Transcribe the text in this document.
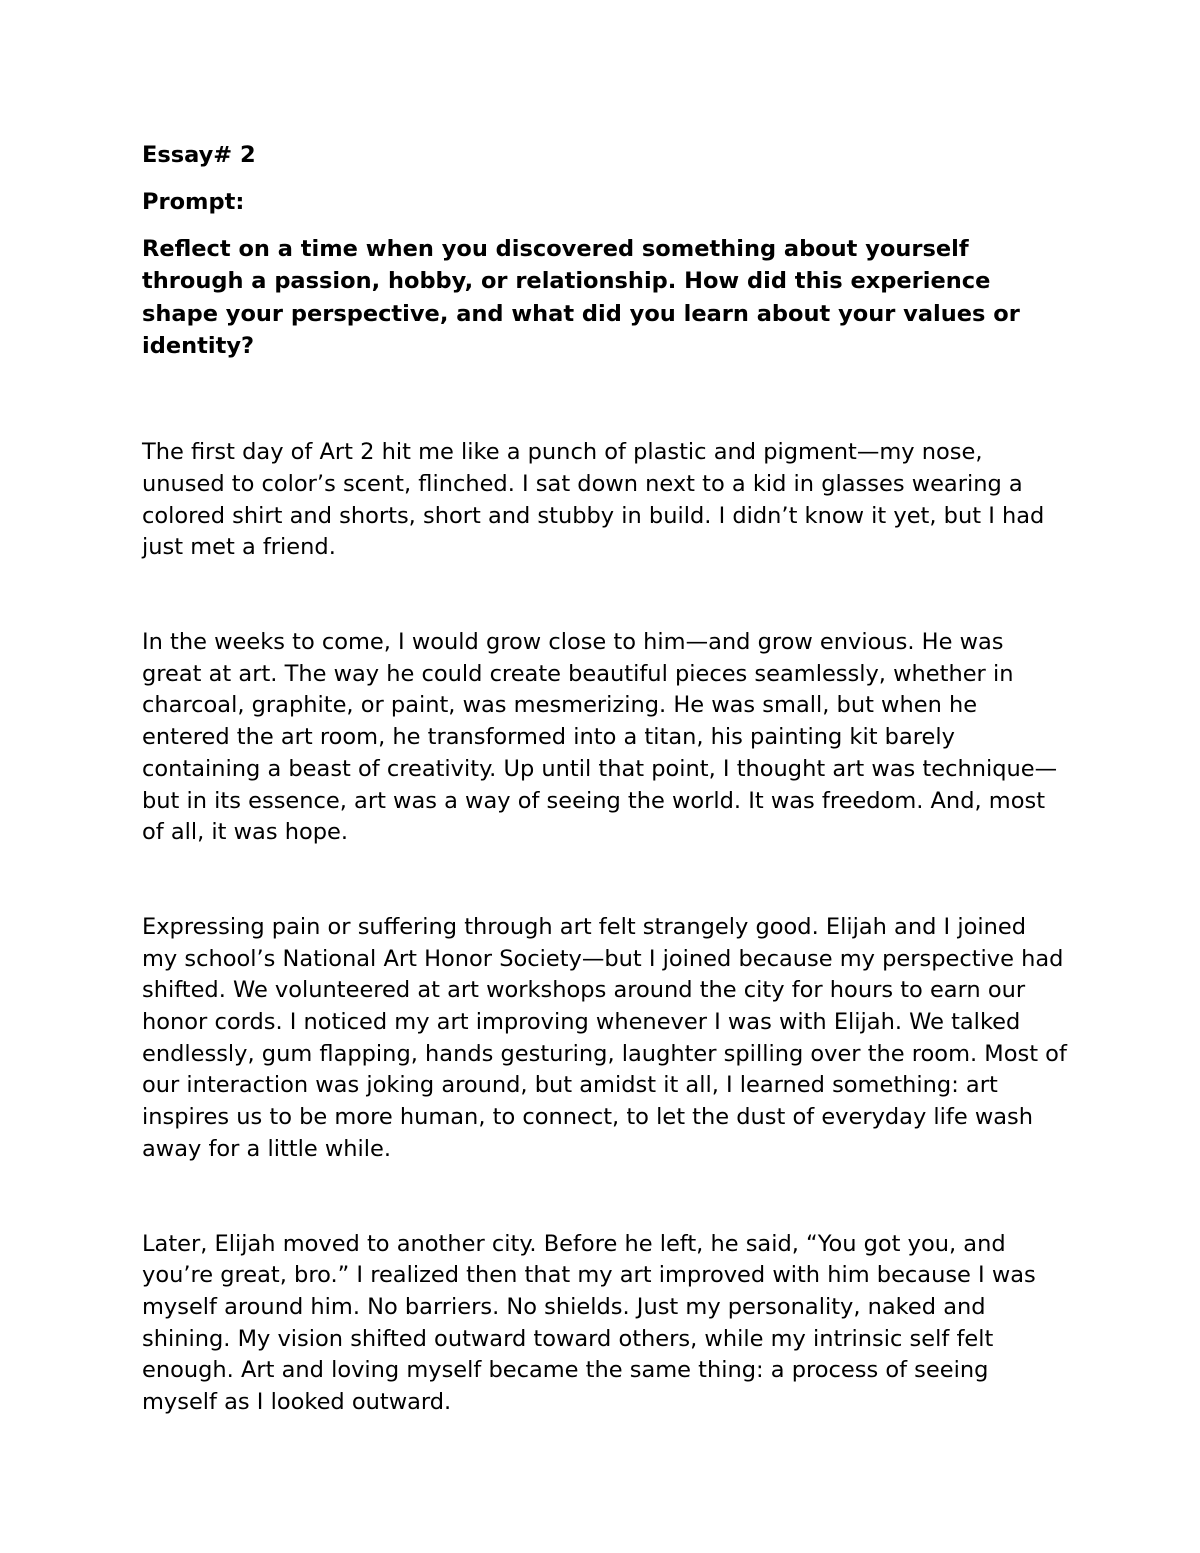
Essay# 2

Prompt:

Reflect on a time when you discovered something about yourself through a passion, hobby, or relationship. How did this experience shape your perspective, and what did you learn about your values or identity?

The first day of Art 2 hit me like a punch of plastic and pigment—my nose, unused to color’s scent, flinched. I sat down next to a kid in glasses wearing a colored shirt and shorts, short and stubby in build. I didn’t know it yet, but I had just met a friend.

In the weeks to come, I would grow close to him—and grow envious. He was great at art. The way he could create beautiful pieces seamlessly, whether in charcoal, graphite, or paint, was mesmerizing. He was small, but when he entered the art room, he transformed into a titan, his painting kit barely containing a beast of creativity. Up until that point, I thought art was technique—but in its essence, art was a way of seeing the world. It was freedom. And, most of all, it was hope.

Expressing pain or suffering through art felt strangely good. Elijah and I joined my school’s National Art Honor Society—but I joined because my perspective had shifted. We volunteered at art workshops around the city for hours to earn our honor cords. I noticed my art improving whenever I was with Elijah. We talked endlessly, gum flapping, hands gesturing, laughter spilling over the room. Most of our interaction was joking around, but amidst it all, I learned something: art inspires us to be more human, to connect, to let the dust of everyday life wash away for a little while.

Later, Elijah moved to another city. Before he left, he said, “You got you, and you’re great, bro.” I realized then that my art improved with him because I was myself around him. No barriers. No shields. Just my personality, naked and shining. My vision shifted outward toward others, while my intrinsic self felt enough. Art and loving myself became the same thing: a process of seeing myself as I looked outward.
